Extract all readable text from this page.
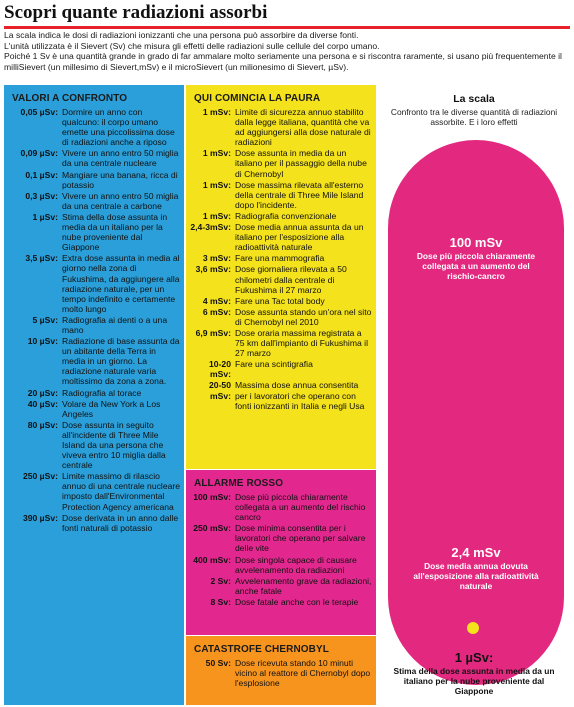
Scopri quante radiazioni assorbi

La scala indica le dosi di radiazioni ionizzanti che una persona può assorbire da diverse fonti.

L'unità utilizzata è il Sievert (Sv) che misura gli effetti delle radiazioni sulle cellule del corpo umano.

Poiché 1 Sv è una quantità grande in grado di far ammalare molto seriamente una persona e si riscontra raramente, si usano più frequentemente il milliSievert (un millesimo di Sievert,mSv) e il microSievert (un milionesimo di Sievert, µSv).

VALORI A CONFRONTO
0,05 µSv: Dormire un anno con qualcuno: il corpo umano emette una piccolissima dose di radiazioni anche a riposo
0,09 µSv: Vivere un anno entro 50 miglia da una centrale nucleare
0,1 µSv: Mangiare una banana, ricca di potassio
0,3 µSv: Vivere un anno entro 50 miglia da una centrale a carbone
1 µSv: Stima della dose assunta in media da un italiano per la nube proveniente dal Giappone
3,5 µSv: Extra dose assunta in media al giorno nella zona di Fukushima, da aggiungere alla radiazione naturale, per un tempo indefinito e certamente molto lungo
5 µSv: Radiografia ai denti o a una mano
10 µSv: Radiazione di base assunta da un abitante della Terra in media in un giorno. La radiazione naturale varia moltissimo da zona a zona.
20 µSv: Radiografia al torace
40 µSv: Volare da New York a Los Angeles
80 µSv: Dose assunta in seguito all'incidente di Three Mile Island da una persona che viveva entro 10 miglia dalla centrale
250 µSv: Limite massimo di rilascio annuo di una centrale nucleare imposto dall'Environmental Protection Agency americana
390 µSv: Dose derivata in un anno dalle fonti naturali di potassio
QUI COMINCIA LA PAURA
1 mSv: Limite di sicurezza annuo stabilito dalla legge italiana, quantità che va ad aggiungersi alla dose naturale di radiazioni
1 mSv: Dose assunta in media da un italiano per il passaggio della nube di Chernobyl
1 mSv: Dose massima rilevata all'esterno della centrale di Three Mile Island dopo l'incidente.
1 mSv: Radiografia convenzionale
2,4-3mSv: Dose media annua assunta da un italiano per l'esposizione alla radioattività naturale
3 mSv: Fare una mammografia
3,6 mSv: Dose giornaliera rilevata a 50 chilometri dalla centrale di Fukushima il 27 marzo
4 mSv: Fare una Tac total body
6 mSv: Dose assunta stando un'ora nel sito di Chernobyl nel 2010
6,9 mSv: Dose oraria massima registrata a 75 km dall'impianto di Fukushima il 27 marzo
10-20 mSv:
Fare una scintigrafia
20-50 mSv:
Massima dose annua consentita per i lavoratori che operano con fonti ionizzanti in Italia e negli Usa
ALLARME ROSSO
100 mSv: Dose più piccola chiaramente collegata a un aumento del rischio cancro
250 mSv: Dose minima consentita per i lavoratori che operano per salvare delle vite
400 mSv: Dose singola capace di causare avvelenamento da radiazioni
2 Sv: Avvelenamento grave da radiazioni, anche fatale
8 Sv: Dose fatale anche con le terapie
CATASTROFE CHERNOBYL
50 Sv: Dose ricevuta stando 10 minuti vicino al reattore di Chernobyl dopo l'esplosione
La scala
Confronto tra le diverse quantità di radiazioni assorbite. E i loro effetti
100 mSv
Dose più piccola chiaramente collegata a un aumento del rischio-cancro
2,4 mSv
Dose media annua dovuta all'esposizione alla radioattività naturale
1 µSv:
Stima della dose assunta in media da un italiano per la nube proveniente dal Giappone
